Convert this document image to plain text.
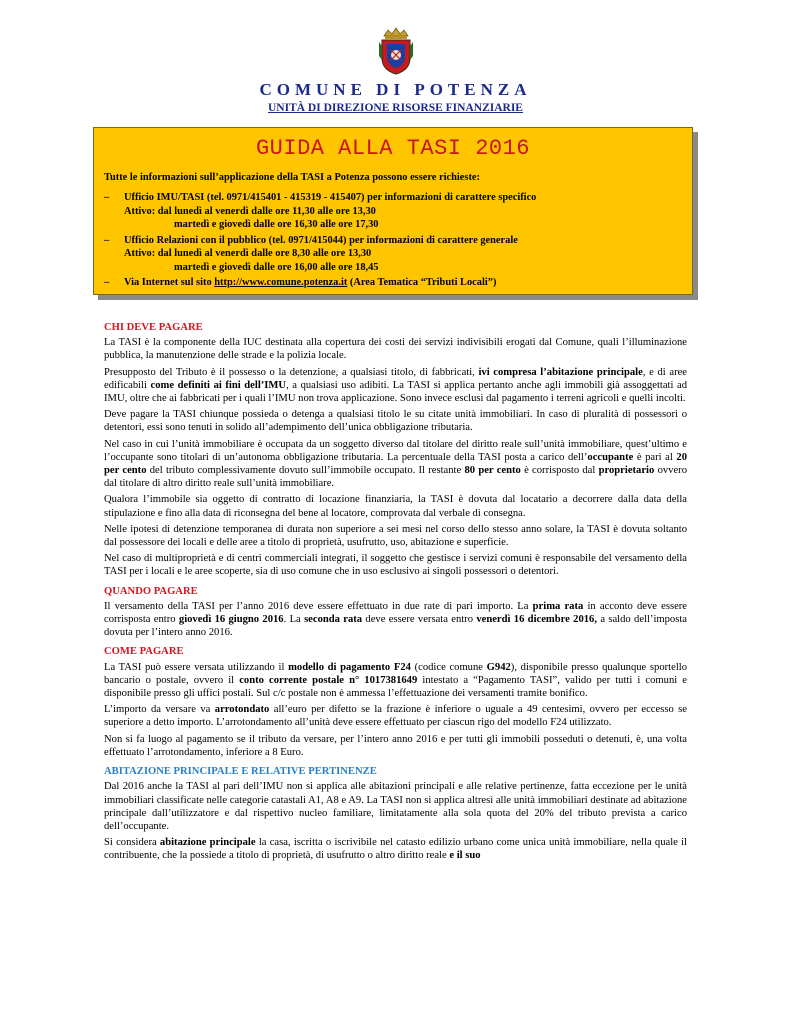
COMUNE DI POTENZA
UNITÀ DI DIREZIONE RISORSE FINANZIARIE
GUIDA ALLA TASI 2016
Tutte le informazioni sull’applicazione della TASI a Potenza possono essere richieste:
–	Ufficio IMU/TASI (tel. 0971/415401 - 415319 - 415407) per informazioni di carattere specifico
Attivo: dal lunedì al venerdì dalle ore 11,30 alle ore 13,30
martedì e giovedì dalle ore 16,30 alle ore 17,30
–	Ufficio Relazioni con il pubblico (tel. 0971/415044) per informazioni di carattere generale
Attivo: dal lunedì al venerdì dalle ore 8,30 alle ore 13,30
martedì e giovedì dalle ore 16,00 alle ore 18,45
–	Via Internet sul sito http://www.comune.potenza.it (Area Tematica “Tributi Locali”)
CHI DEVE PAGARE

La TASI è la componente della IUC destinata alla copertura dei costi dei servizi indivisibili erogati dal Comune, quali l’illuminazione pubblica, la manutenzione delle strade e la polizia locale.

Presupposto del Tributo è il possesso o la detenzione, a qualsiasi titolo, di fabbricati, ivi compresa l’abitazione principale, e di aree edificabili come definiti ai fini dell’IMU, a qualsiasi uso adibiti. La TASI si applica pertanto anche agli immobili già assoggettati ad IMU, oltre che ai fabbricati per i quali l’IMU non trova applicazione. Sono invece esclusi dal pagamento i terreni agricoli e quelli incolti.

Deve pagare la TASI chiunque possieda o detenga a qualsiasi titolo le su citate unità immobiliari. In caso di pluralità di possessori o detentori, essi sono tenuti in solido all’adempimento dell’unica obbligazione tributaria.

Nel caso in cui l’unità immobiliare è occupata da un soggetto diverso dal titolare del diritto reale sull’unità immobiliare, quest’ultimo e l’occupante sono titolari di un’autonoma obbligazione tributaria. La percentuale della TASI posta a carico dell’occupante è pari al 20 per cento del tributo complessivamente dovuto sull’immobile occupato. Il restante 80 per cento è corrisposto dal proprietario ovvero dal titolare di altro diritto reale sull’unità immobiliare.

Qualora l’immobile sia oggetto di contratto di locazione finanziaria, la TASI è dovuta dal locatario a decorrere dalla data della stipulazione e fino alla data di riconsegna del bene al locatore, comprovata dal verbale di consegna.

Nelle ipotesi di detenzione temporanea di durata non superiore a sei mesi nel corso dello stesso anno solare, la TASI è dovuta soltanto dal possessore dei locali e delle aree a titolo di proprietà, usufrutto, uso, abitazione e superficie.

Nel caso di multiproprietà e di centri commerciali integrati, il soggetto che gestisce i servizi comuni è responsabile del versamento della TASI per i locali e le aree scoperte, sia di uso comune che in uso esclusivo ai singoli possessori o detentori.

QUANDO PAGARE

Il versamento della TASI per l’anno 2016 deve essere effettuato in due rate di pari importo. La prima rata in acconto deve essere corrisposta entro giovedì 16 giugno 2016. La seconda rata deve essere versata entro venerdì 16 dicembre 2016, a saldo dell’imposta dovuta per l’intero anno 2016.

COME PAGARE

La TASI può essere versata utilizzando il modello di pagamento F24 (codice comune G942), disponibile presso qualunque sportello bancario o postale, ovvero il conto corrente postale n° 1017381649 intestato a “Pagamento TASI”, valido per tutti i comuni e disponibile presso gli uffici postali. Sul c/c postale non è ammessa l’effettuazione dei versamenti tramite bonifico.

L’importo da versare va arrotondato all’euro per difetto se la frazione è inferiore o uguale a 49 centesimi, ovvero per eccesso se superiore a detto importo. L’arrotondamento all’unità deve essere effettuato per ciascun rigo del modello F24 utilizzato.

Non si fa luogo al pagamento se il tributo da versare, per l’intero anno 2016 e per tutti gli immobili posseduti o detenuti, è, una volta effettuato l’arrotondamento, inferiore a 8 Euro.

ABITAZIONE PRINCIPALE E RELATIVE PERTINENZE

Dal 2016 anche la TASI al pari dell’IMU non si applica alle abitazioni principali e alle relative pertinenze, fatta eccezione per le unità immobiliari classificate nelle categorie catastali A1, A8 e A9. La TASI non si applica altresì alle unità immobiliari destinate ad abitazione principale dall’utilizzatore e dal rispettivo nucleo familiare, limitatamente alla sola quota del 20% del tributo prevista a carico dell’occupante.

Si considera abitazione principale la casa, iscritta o iscrivibile nel catasto edilizio urbano come unica unità immobiliare, nella quale il contribuente, che la possiede a titolo di proprietà, di usufrutto o altro diritto reale e il suo
